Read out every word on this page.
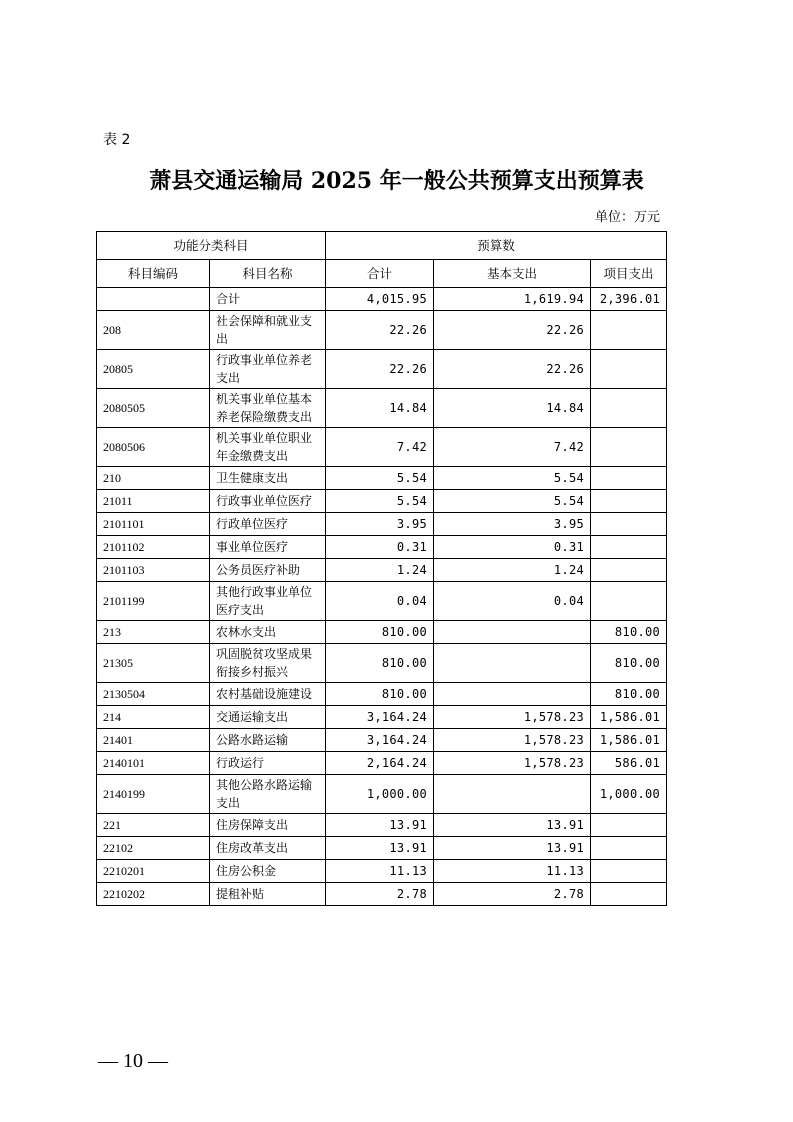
表 2
萧县交通运输局 2025 年一般公共预算支出预算表
单位：万元
功能分类科目		预算数		
科目编码	科目名称	合计	基本支出	项目支出
	合计	4,015.95	1,619.94	2,396.01
208	社会保障和就业支出	22.26	22.26	
20805	行政事业单位养老支出	22.26	22.26	
2080505	机关事业单位基本养老保险缴费支出	14.84	14.84	
2080506	机关事业单位职业年金缴费支出	7.42	7.42	
210	卫生健康支出	5.54	5.54	
21011	行政事业单位医疗	5.54	5.54	
2101101	行政单位医疗	3.95	3.95	
2101102	事业单位医疗	0.31	0.31	
2101103	公务员医疗补助	1.24	1.24	
2101199	其他行政事业单位医疗支出	0.04	0.04	
213	农林水支出	810.00		810.00
21305	巩固脱贫攻坚成果衔接乡村振兴	810.00		810.00
2130504	农村基础设施建设	810.00		810.00
214	交通运输支出	3,164.24	1,578.23	1,586.01
21401	公路水路运输	3,164.24	1,578.23	1,586.01
2140101	行政运行	2,164.24	1,578.23	586.01
2140199	其他公路水路运输支出	1,000.00		1,000.00
221	住房保障支出	13.91	13.91	
22102	住房改革支出	13.91	13.91	
2210201	住房公积金	11.13	11.13	
2210202	提租补贴	2.78	2.78	
— 10 —
